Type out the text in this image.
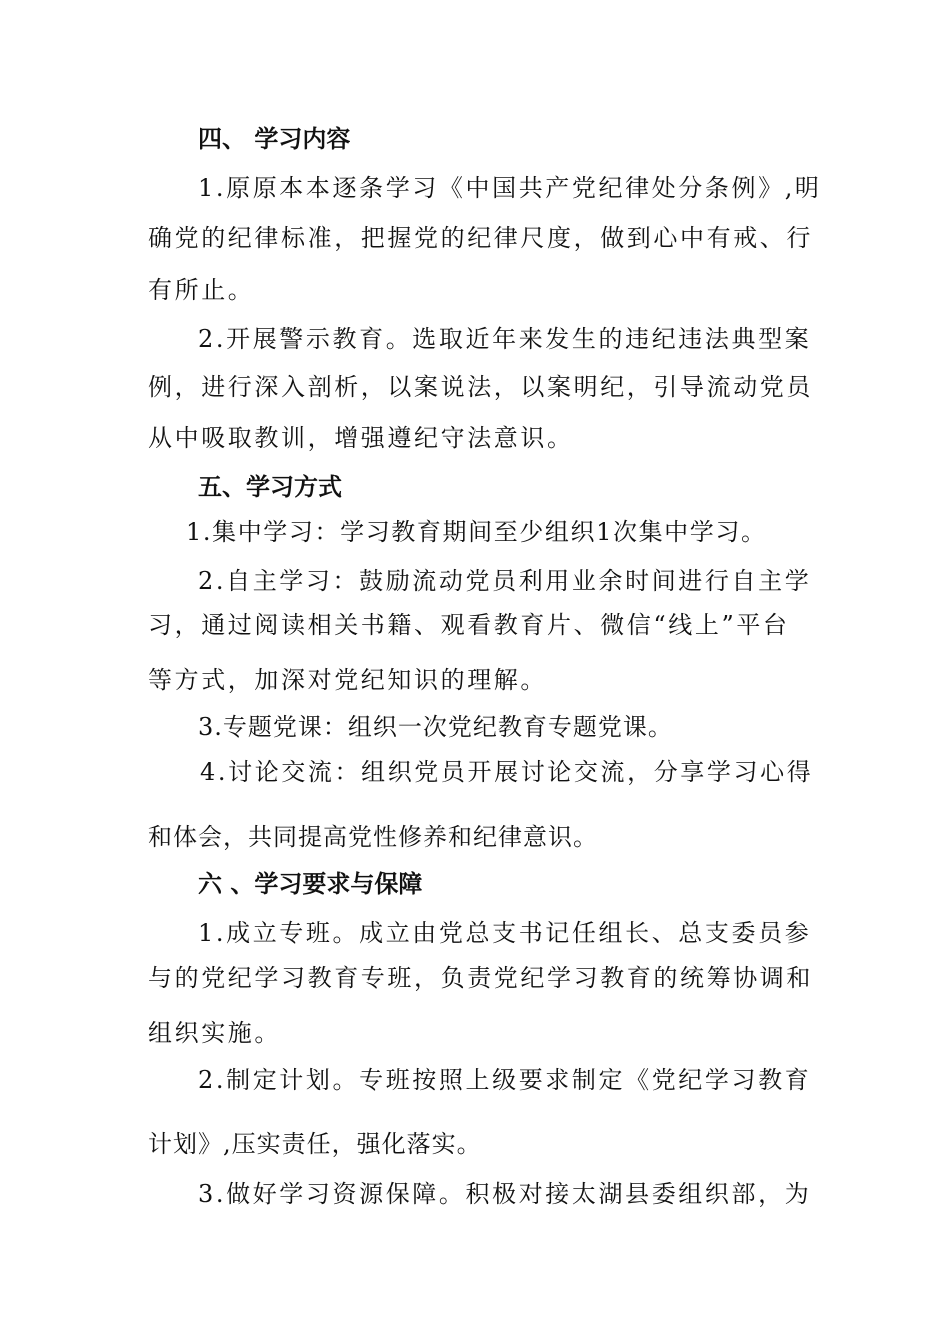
四、 学习内容
1.原原本本逐条学习《中国共产党纪律处分条例》,明
确党的纪律标准，把握党的纪律尺度，做到心中有戒、行
有所止。
2.开展警示教育。选取近年来发生的违纪违法典型案
例，进行深入剖析，以案说法，以案明纪，引导流动党员
从中吸取教训，增强遵纪守法意识。
五、学习方式
1.集中学习：学习教育期间至少组织1次集中学习。
2.自主学习：鼓励流动党员利用业余时间进行自主学
习，通过阅读相关书籍、观看教育片、微信“线上”平台
等方式，加深对党纪知识的理解。
3.专题党课：组织一次党纪教育专题党课。
4.讨论交流：组织党员开展讨论交流，分享学习心得
和体会，共同提高党性修养和纪律意识。
六 、学习要求与保障
1.成立专班。成立由党总支书记任组长、总支委员参
与的党纪学习教育专班，负责党纪学习教育的统筹协调和
组织实施。
2.制定计划。专班按照上级要求制定《党纪学习教育
计划》,压实责任，强化落实。
3.做好学习资源保障。积极对接太湖县委组织部，为
